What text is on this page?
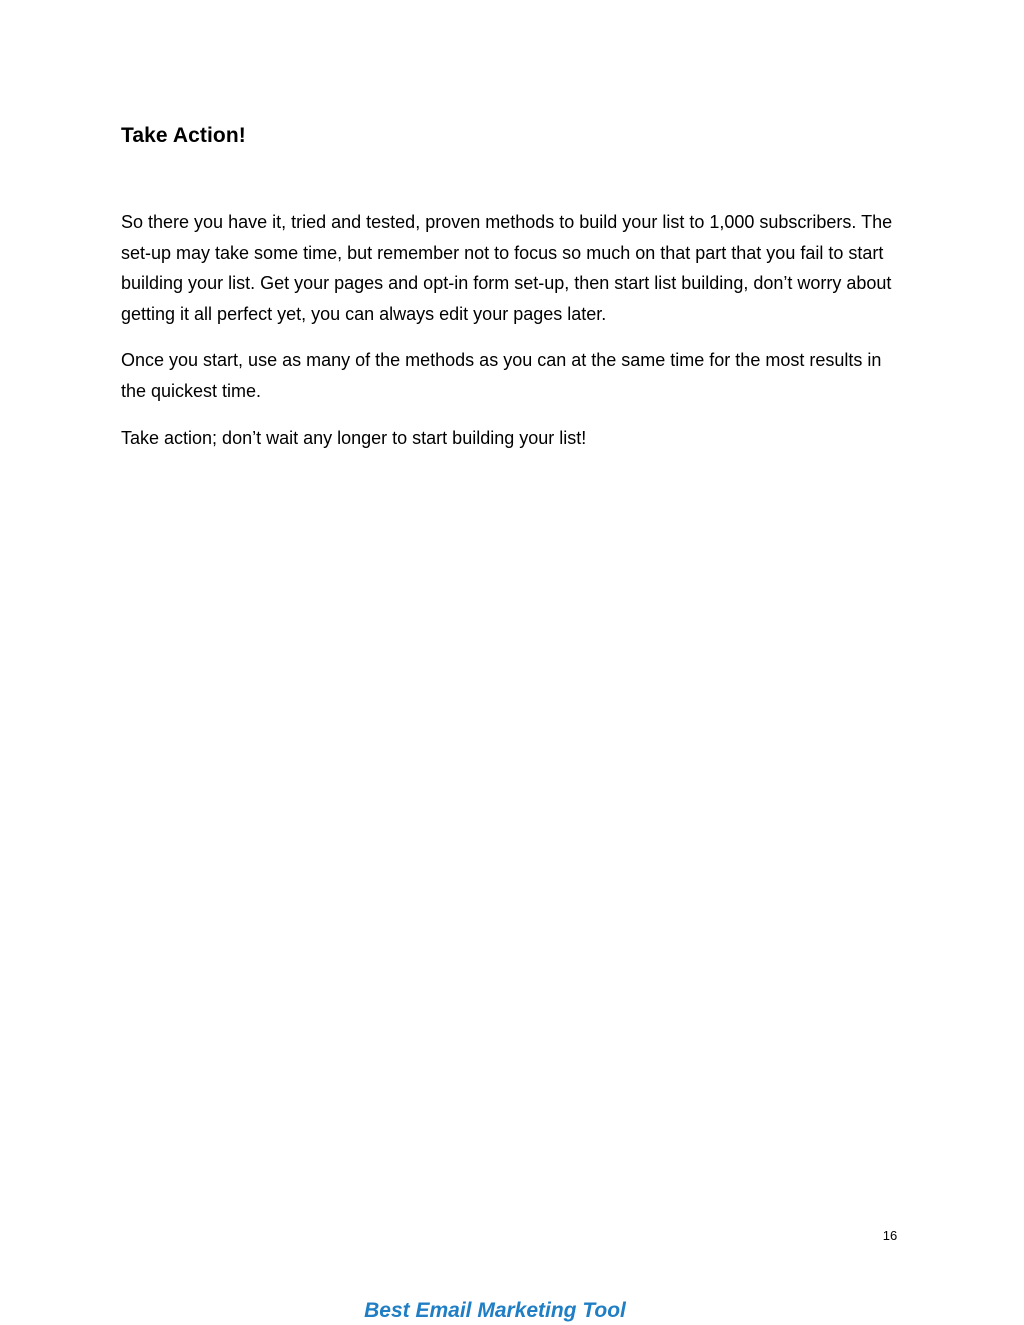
Take Action!

So there you have it, tried and tested, proven methods to build your list to 1,000 subscribers. The set-up may take some time, but remember not to focus so much on that part that you fail to start building your list. Get your pages and opt-in form set-up, then start list building, don’t worry about getting it all perfect yet, you can always edit your pages later.

Once you start, use as many of the methods as you can at the same time for the most results in the quickest time.

Take action; don’t wait any longer to start building your list!

16
Best Email Marketing Tool
